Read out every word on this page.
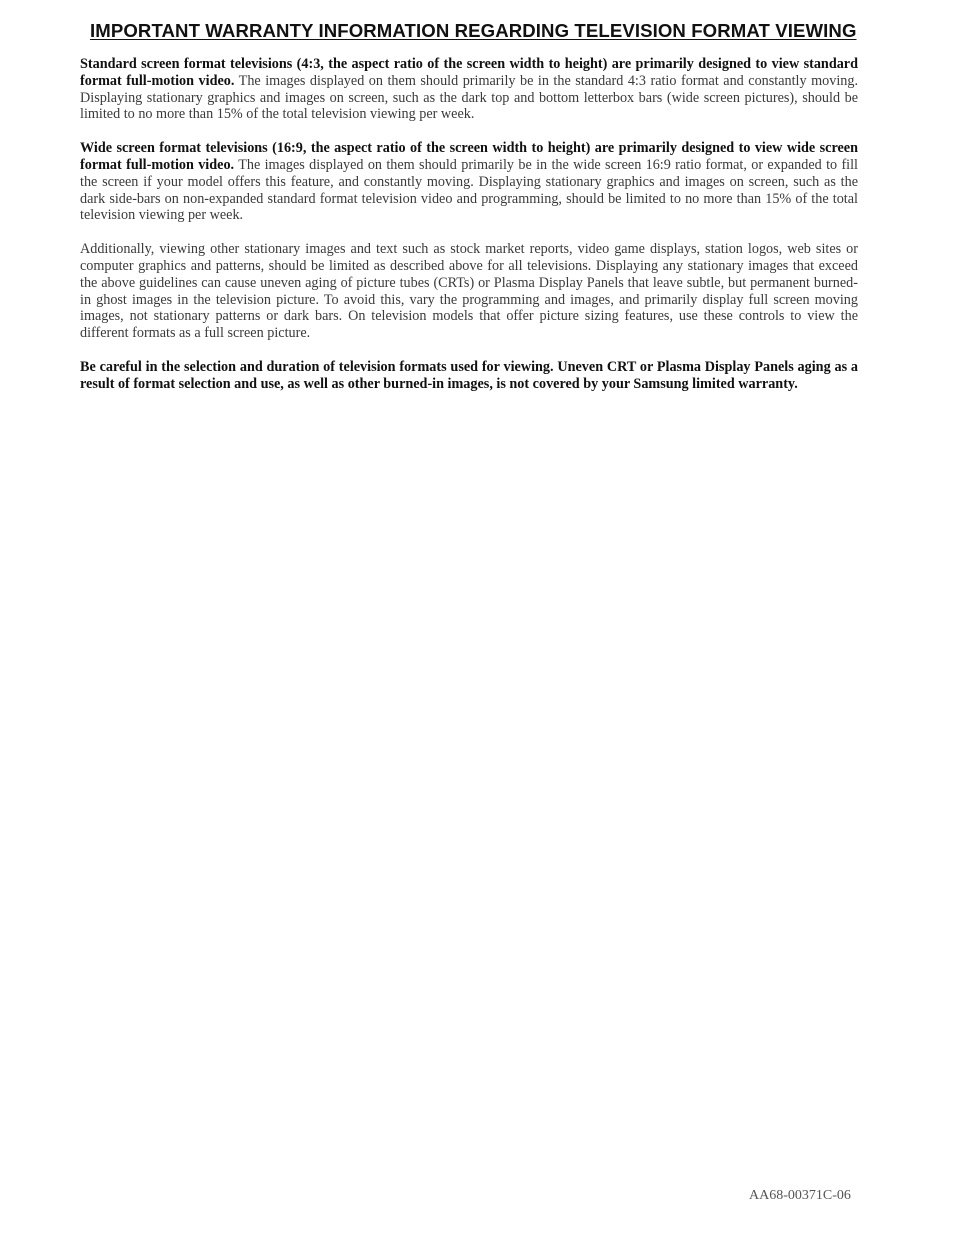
IMPORTANT WARRANTY INFORMATION REGARDING TELEVISION FORMAT VIEWING

Standard screen format televisions (4:3, the aspect ratio of the screen width to height) are primarily designed to view standard format full-motion video. The images displayed on them should primarily be in the standard 4:3 ratio format and constantly moving. Displaying stationary graphics and images on screen, such as the dark top and bottom letterbox bars (wide screen pictures), should be limited to no more than 15% of the total television viewing per week.

Wide screen format televisions (16:9, the aspect ratio of the screen width to height) are primarily designed to view wide screen format full-motion video. The images displayed on them should primarily be in the wide screen 16:9 ratio format, or expanded to fill the screen if your model offers this feature, and constantly moving. Displaying stationary graphics and images on screen, such as the dark side-bars on non-expanded standard format television video and programming, should be limited to no more than 15% of the total television viewing per week.

Additionally, viewing other stationary images and text such as stock market reports, video game displays, station logos, web sites or computer graphics and patterns, should be limited as described above for all televisions. Displaying any stationary images that exceed the above guidelines can cause uneven aging of picture tubes (CRTs) or Plasma Display Panels that leave subtle, but permanent burned-in ghost images in the television picture. To avoid this, vary the programming and images, and primarily display full screen moving images, not stationary patterns or dark bars. On television models that offer picture sizing features, use these controls to view the different formats as a full screen picture.

Be careful in the selection and duration of television formats used for viewing. Uneven CRT or Plasma Display Panels aging as a result of format selection and use, as well as other burned-in images, is not covered by your Samsung limited warranty.

AA68-00371C-06
